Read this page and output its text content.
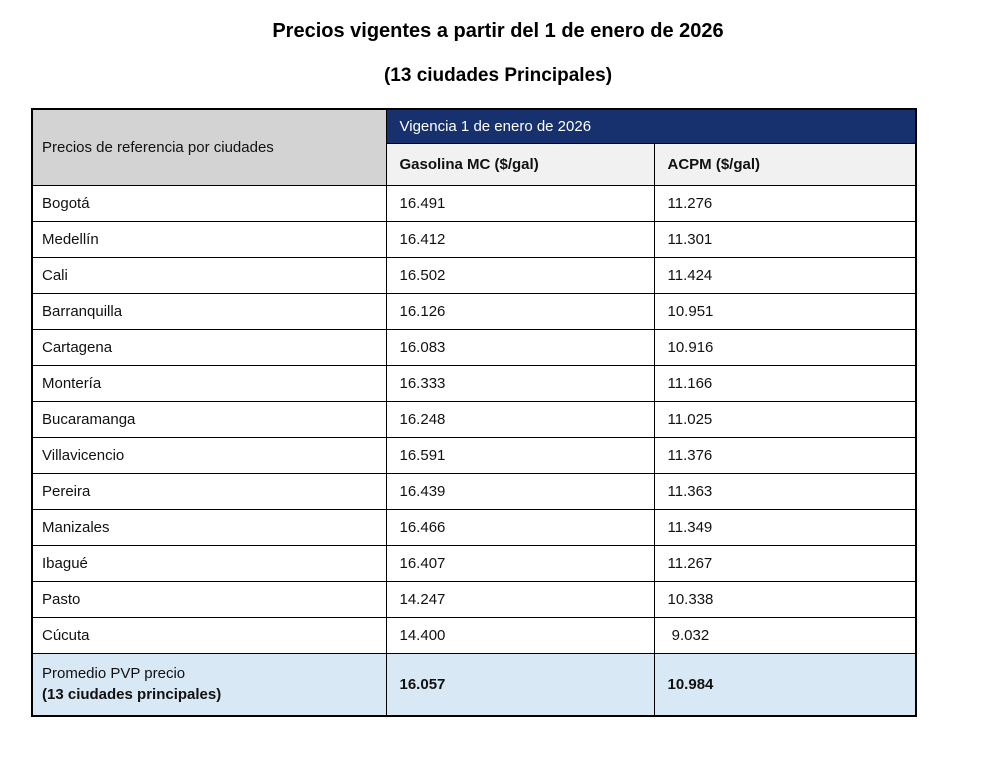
Precios vigentes a partir del 1 de enero de 2026
(13 ciudades Principales)
Precios de referencia por ciudades	Vigencia 1 de enero de 2026	
	Gasolina MC ($/gal)	ACPM ($/gal)
Bogotá	16.491	11.276
Medellín	16.412	11.301
Cali	16.502	11.424
Barranquilla	16.126	10.951
Cartagena	16.083	10.916
Montería	16.333	11.166
Bucaramanga	16.248	11.025
Villavicencio	16.591	11.376
Pereira	16.439	11.363
Manizales	16.466	11.349
Ibagué	16.407	11.267
Pasto	14.247	10.338
Cúcuta	14.400	9.032
Promedio PVP precio
(13 ciudades principales)	16.057	10.984
